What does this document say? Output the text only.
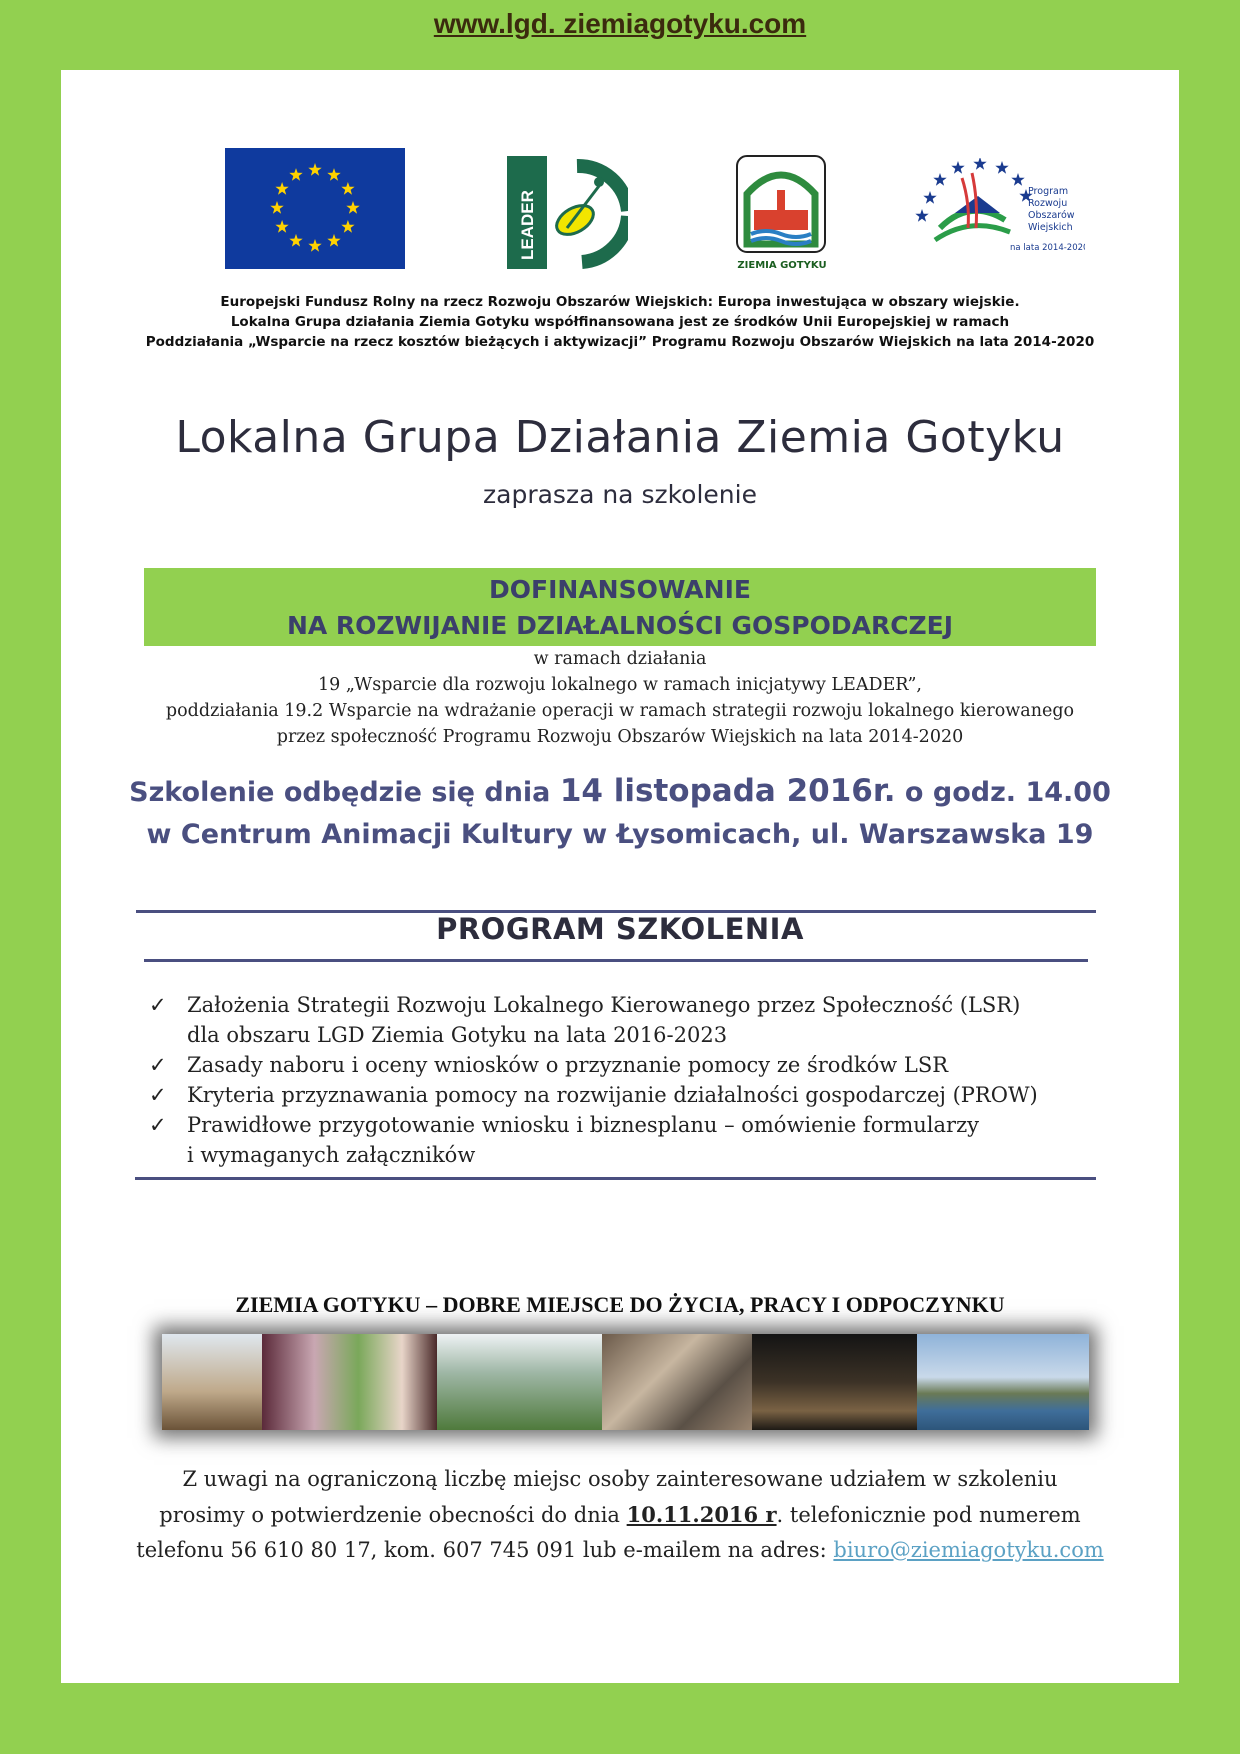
www.lgd. ziemiagotyku.com
LEADER
ZIEMIA GOTYKU
Program Rozwoju Obszarów Wiejskich
na lata 2014-2020
Europejski Fundusz Rolny na rzecz Rozwoju Obszarów Wiejskich: Europa inwestująca w obszary wiejskie.
Lokalna Grupa działania Ziemia Gotyku współfinansowana jest ze środków Unii Europejskiej w ramach
Poddziałania „Wsparcie na rzecz kosztów bieżących i aktywizacji” Programu Rozwoju Obszarów Wiejskich na lata 2014-2020
Lokalna Grupa Działania Ziemia Gotyku
zaprasza na szkolenie
DOFINANSOWANIE
NA ROZWIJANIE DZIAŁALNOŚCI GOSPODARCZEJ
w ramach działania
19 „Wsparcie dla rozwoju lokalnego w ramach inicjatywy LEADER”,
poddziałania 19.2 Wsparcie na wdrażanie operacji w ramach strategii rozwoju lokalnego kierowanego
przez społeczność Programu Rozwoju Obszarów Wiejskich na lata 2014-2020
Szkolenie odbędzie się dnia 14 listopada 2016r. o godz. 14.00
w Centrum Animacji Kultury w Łysomicach, ul. Warszawska 19
PROGRAM SZKOLENIA
✓ Założenia Strategii Rozwoju Lokalnego Kierowanego przez Społeczność (LSR)
dla obszaru LGD Ziemia Gotyku na lata 2016-2023
✓ Zasady naboru i oceny wniosków o przyznanie pomocy ze środków LSR
✓ Kryteria przyznawania pomocy na rozwijanie działalności gospodarczej (PROW)
✓ Prawidłowe przygotowanie wniosku i biznesplanu – omówienie formularzy
i wymaganych załączników
ZIEMIA GOTYKU – DOBRE MIEJSCE DO ŻYCIA, PRACY I ODPOCZYNKU
Z uwagi na ograniczoną liczbę miejsc osoby zainteresowane udziałem w szkoleniu
prosimy o potwierdzenie obecności do dnia 10.11.2016 r. telefonicznie pod numerem
telefonu 56 610 80 17, kom. 607 745 091 lub e-mailem na adres: biuro@ziemiagotyku.com
